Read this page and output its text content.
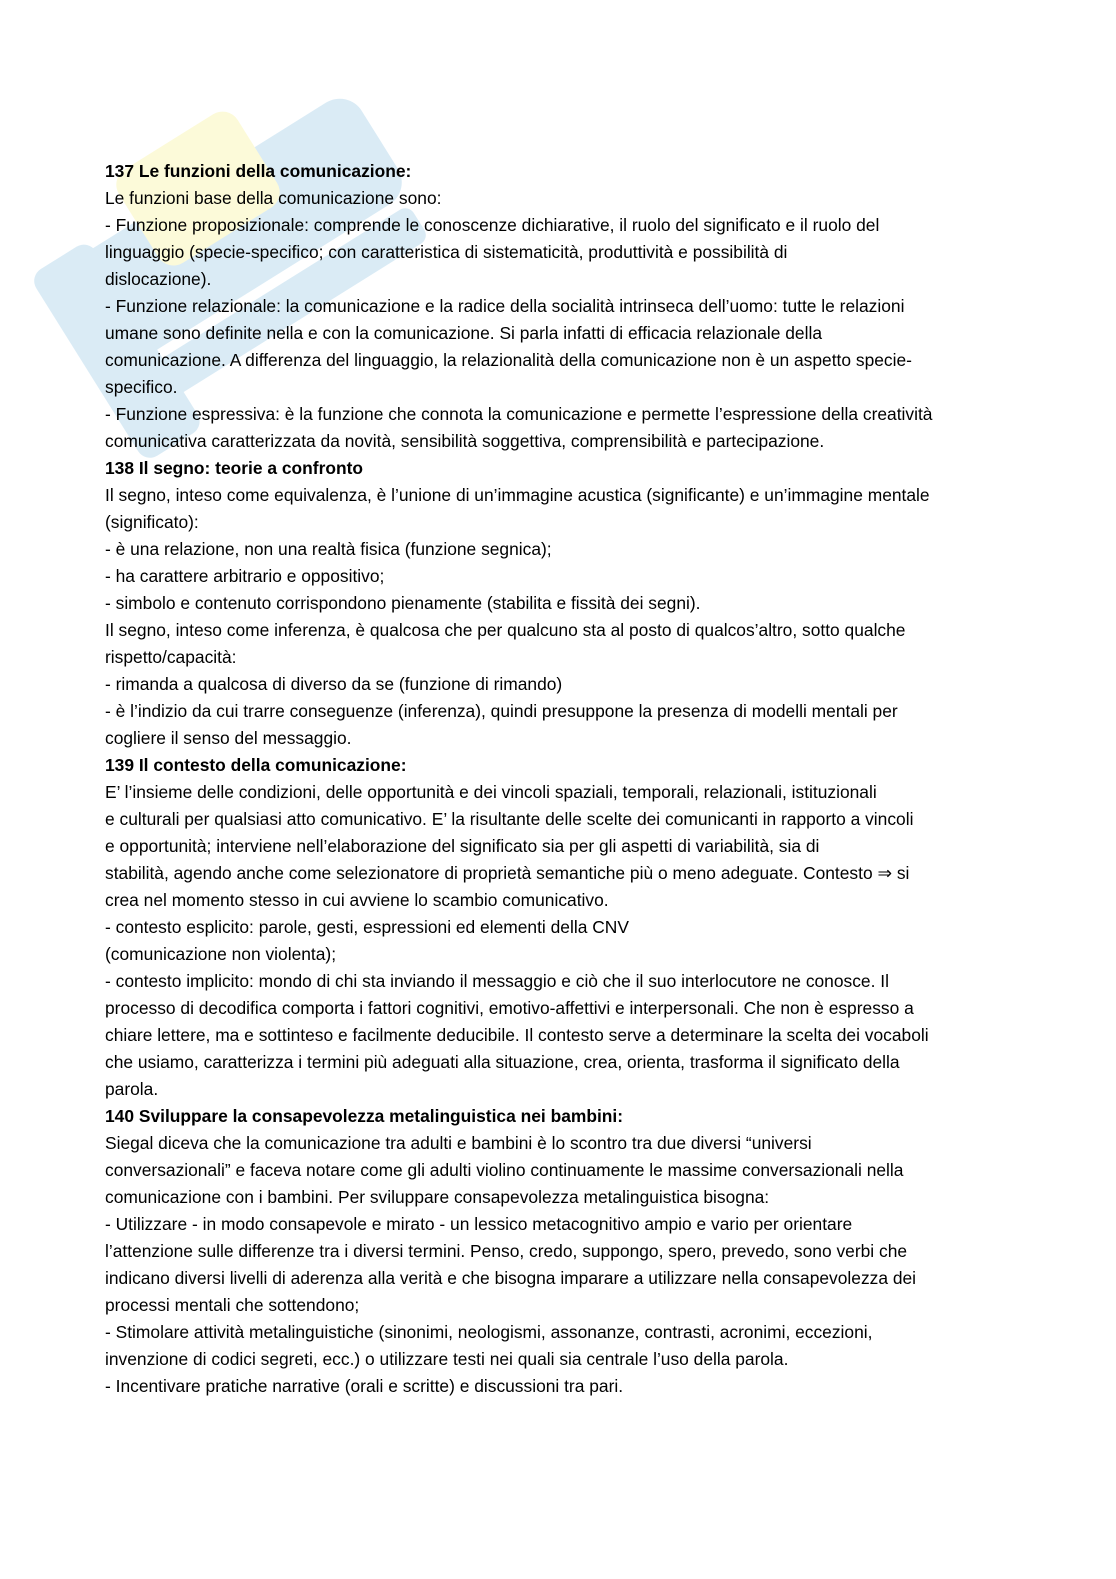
137 Le funzioni della comunicazione:
Le funzioni base della comunicazione sono:
- Funzione proposizionale: comprende le conoscenze dichiarative, il ruolo del significato e il ruolo del
linguaggio (specie-specifico; con caratteristica di sistematicità, produttività e possibilità di
dislocazione).
- Funzione relazionale: la comunicazione e la radice della socialità intrinseca dell’uomo: tutte le relazioni
umane sono definite nella e con la comunicazione. Si parla infatti di efficacia relazionale della
comunicazione. A differenza del linguaggio, la relazionalità della comunicazione non è un aspetto specie-
specifico.
- Funzione espressiva: è la funzione che connota la comunicazione e permette l’espressione della creatività
comunicativa caratterizzata da novità, sensibilità soggettiva, comprensibilità e partecipazione.
138 Il segno: teorie a confronto
Il segno, inteso come equivalenza, è l’unione di un’immagine acustica (significante) e un’immagine mentale
(significato):
- è una relazione, non una realtà fisica (funzione segnica);
- ha carattere arbitrario e oppositivo;
- simbolo e contenuto corrispondono pienamente (stabilita e fissità dei segni).
Il segno, inteso come inferenza, è qualcosa che per qualcuno sta al posto di qualcos’altro, sotto qualche
rispetto/capacità:
- rimanda a qualcosa di diverso da se (funzione di rimando)
- è l’indizio da cui trarre conseguenze (inferenza), quindi presuppone la presenza di modelli mentali per
cogliere il senso del messaggio.
139 Il contesto della comunicazione:
E’ l’insieme delle condizioni, delle opportunità e dei vincoli spaziali, temporali, relazionali, istituzionali
e culturali per qualsiasi atto comunicativo. E’ la risultante delle scelte dei comunicanti in rapporto a vincoli
e opportunità; interviene nell’elaborazione del significato sia per gli aspetti di variabilità, sia di
stabilità, agendo anche come selezionatore di proprietà semantiche più o meno adeguate. Contesto ⇒ si
crea nel momento stesso in cui avviene lo scambio comunicativo.
- contesto esplicito: parole, gesti, espressioni ed elementi della CNV
(comunicazione non violenta);
- contesto implicito: mondo di chi sta inviando il messaggio e ciò che il suo interlocutore ne conosce. Il
processo di decodifica comporta i fattori cognitivi, emotivo-affettivi e interpersonali. Che non è espresso a
chiare lettere, ma e sottinteso e facilmente deducibile. Il contesto serve a determinare la scelta dei vocaboli
che usiamo, caratterizza i termini più adeguati alla situazione, crea, orienta, trasforma il significato della
parola.
140 Sviluppare la consapevolezza metalinguistica nei bambini:
Siegal diceva che la comunicazione tra adulti e bambini è lo scontro tra due diversi “universi
conversazionali” e faceva notare come gli adulti violino continuamente le massime conversazionali nella
comunicazione con i bambini. Per sviluppare consapevolezza metalinguistica bisogna:
- Utilizzare - in modo consapevole e mirato - un lessico metacognitivo ampio e vario per orientare
l’attenzione sulle differenze tra i diversi termini. Penso, credo, suppongo, spero, prevedo, sono verbi che
indicano diversi livelli di aderenza alla verità e che bisogna imparare a utilizzare nella consapevolezza dei
processi mentali che sottendono;
- Stimolare attività metalinguistiche (sinonimi, neologismi, assonanze, contrasti, acronimi, eccezioni,
invenzione di codici segreti, ecc.) o utilizzare testi nei quali sia centrale l’uso della parola.
- Incentivare pratiche narrative (orali e scritte) e discussioni tra pari.
